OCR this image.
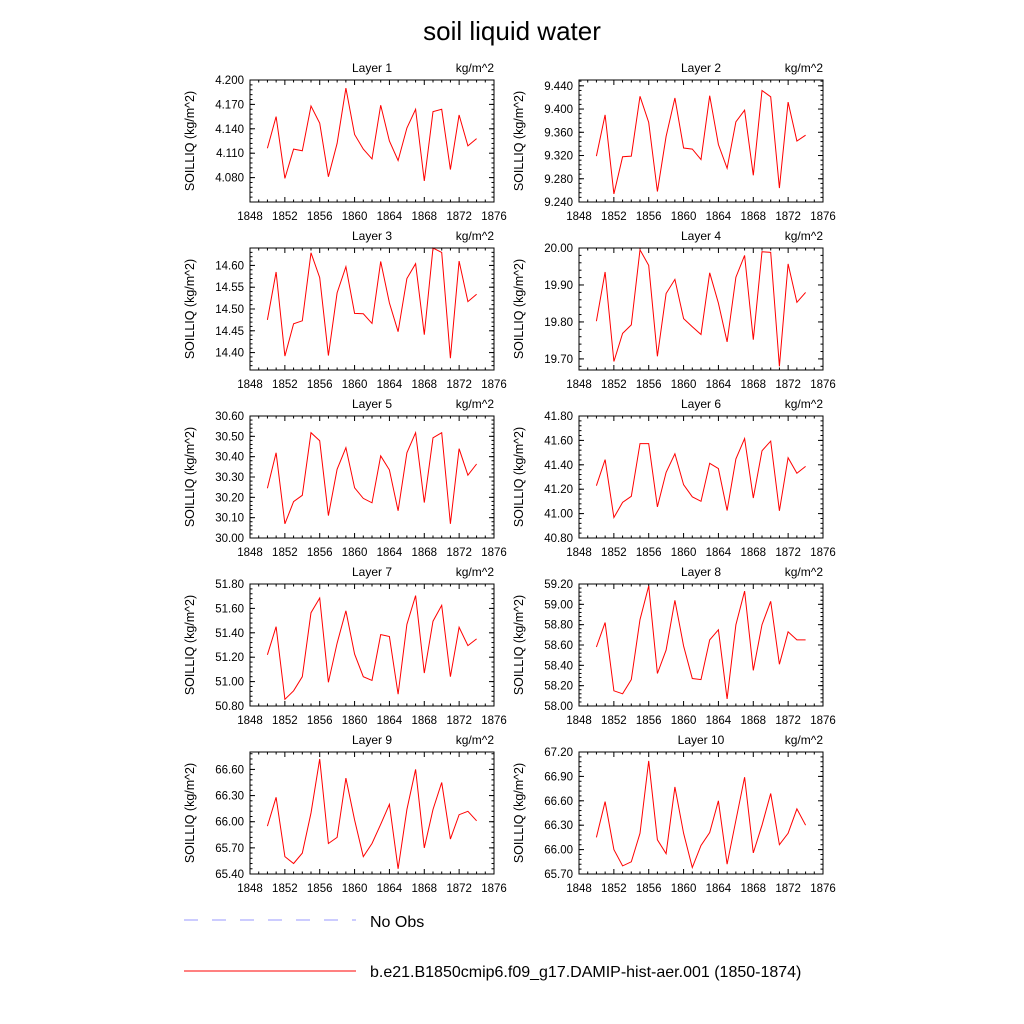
soil liquid water
Layer 1	kg/m^2
SOILLIQ (kg/m^2)
1848 1852 1856 1860 1864 1868 1872 1876
4.080
4.110
4.140
4.170
4.200
Layer 2	kg/m^2
SOILLIQ (kg/m^2)
1848 1852 1856 1860 1864 1868 1872 1876
9.240
9.280
9.320
9.360
9.400
9.440
Layer 3	kg/m^2
SOILLIQ (kg/m^2)
1848 1852 1856 1860 1864 1868 1872 1876
14.40
14.45
14.50
14.55
14.60
Layer 4	kg/m^2
SOILLIQ (kg/m^2)
1848 1852 1856 1860 1864 1868 1872 1876
19.70
19.80
19.90
20.00
Layer 5	kg/m^2
SOILLIQ (kg/m^2)
1848 1852 1856 1860 1864 1868 1872 1876
30.00
30.10
30.20
30.30
30.40
30.50
30.60
Layer 6	kg/m^2
SOILLIQ (kg/m^2)
1848 1852 1856 1860 1864 1868 1872 1876
40.80
41.00
41.20
41.40
41.60
41.80
Layer 7	kg/m^2
SOILLIQ (kg/m^2)
1848 1852 1856 1860 1864 1868 1872 1876
50.80
51.00
51.20
51.40
51.60
51.80
Layer 8	kg/m^2
SOILLIQ (kg/m^2)
1848 1852 1856 1860 1864 1868 1872 1876
58.00
58.20
58.40
58.60
58.80
59.00
59.20
Layer 9	kg/m^2
SOILLIQ (kg/m^2)
1848 1852 1856 1860 1864 1868 1872 1876
65.40
65.70
66.00
66.30
66.60
Layer 10	kg/m^2
SOILLIQ (kg/m^2)
1848 1852 1856 1860 1864 1868 1872 1876
65.70
66.00
66.30
66.60
66.90
67.20
No Obs
b.e21.B1850cmip6.f09_g17.DAMIP-hist-aer.001 (1850-1874)
